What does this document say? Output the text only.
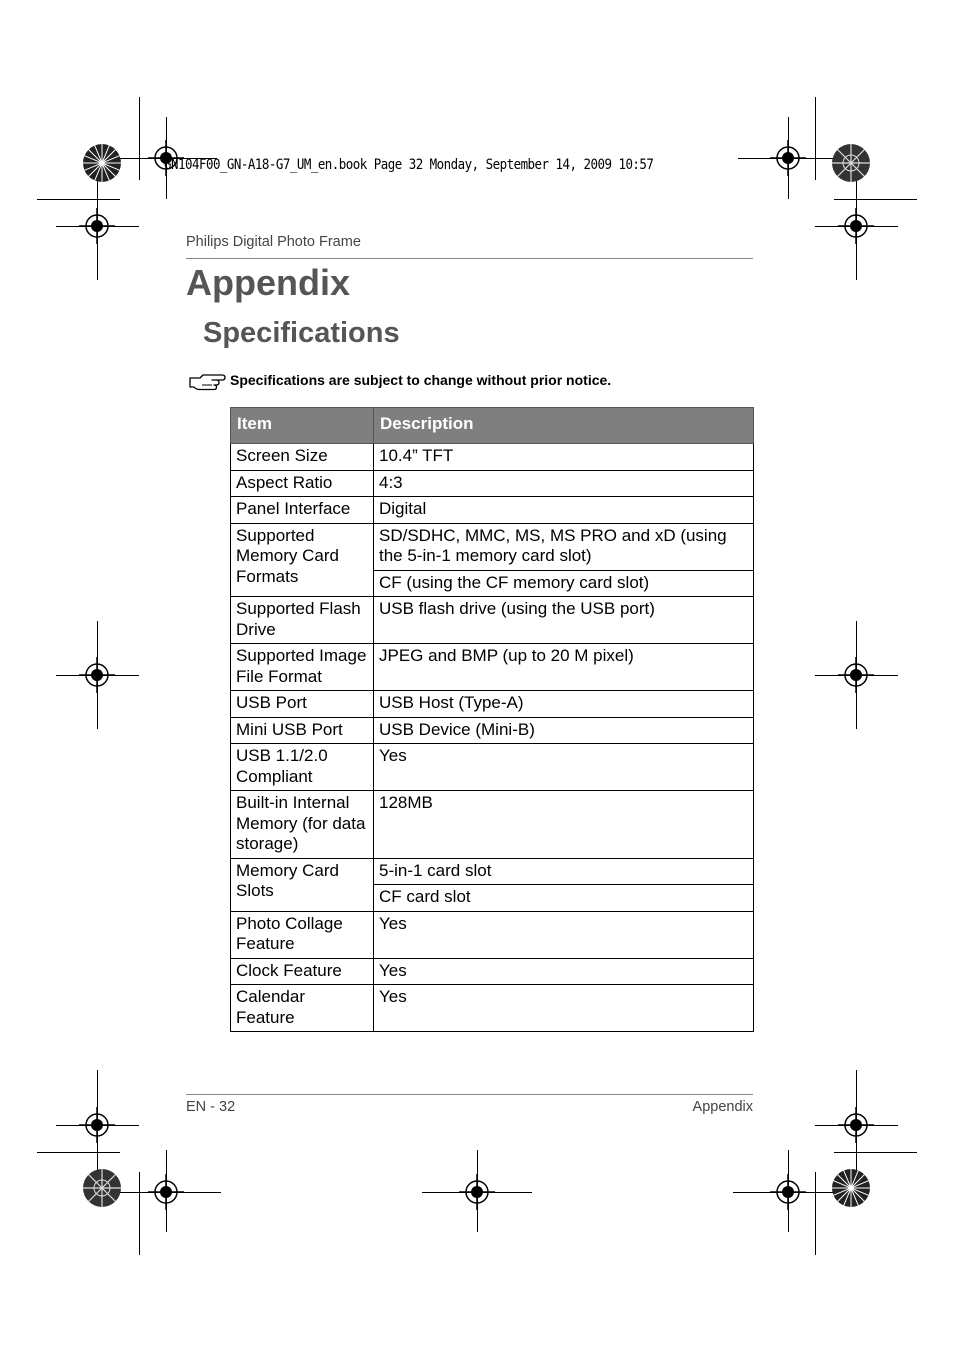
GN104F00_GN-A18-G7_UM_en.book Page 32 Monday, September 14, 2009 10:57
Philips Digital Photo Frame
Appendix
Specifications
Specifications are subject to change without prior notice.
Item	Description
Screen Size	10.4” TFT
Aspect Ratio	4:3
Panel Interface	Digital
Supported Memory Card Formats	SD/SDHC, MMC, MS, MS PRO and xD (using the 5-in-1 memory card slot)
	CF (using the CF memory card slot)
Supported Flash Drive	USB flash drive (using the USB port)
Supported Image File Format	JPEG and BMP (up to 20 M pixel)
USB Port	USB Host (Type-A)
Mini USB Port	USB Device (Mini-B)
USB 1.1/2.0 Compliant	Yes
Built-in Internal Memory (for data storage)	128MB
Memory Card Slots	5-in-1 card slot
	CF card slot
Photo Collage Feature	Yes
Clock Feature	Yes
Calendar Feature	Yes
EN - 32	Appendix
